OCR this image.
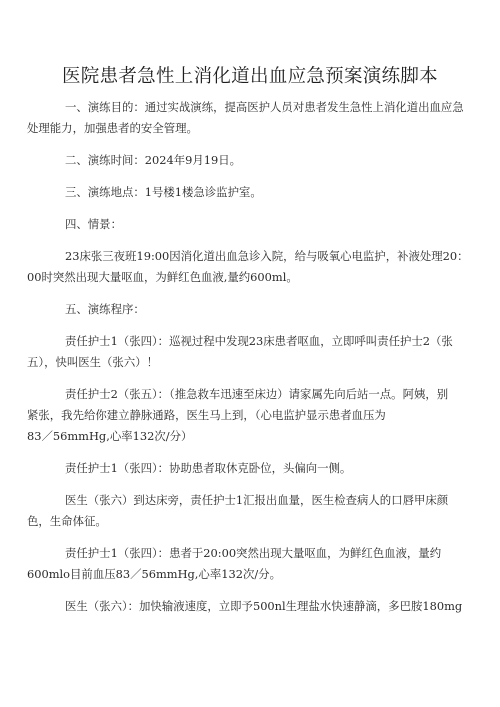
医院患者急性上消化道出血应急预案演练脚本

一、演练目的：通过实战演练，提高医护人员对患者发生急性上消化道出血应急
处理能力，加强患者的安全管理。

二、演练时间：2024年9月19日。

三、演练地点：1号楼1楼急诊监护室。

四、情景：

23床张三夜班19:00因消化道出血急诊入院，给与吸氧心电监护，补液处理20：
00时突然出现大量呕血，为鲜红色血液,量约600ml。

五、演练程序：

责任护士1（张四）：巡视过程中发现23床患者呕血，立即呼叫责任护士2（张
五），快叫医生（张六）！

责任护士2（张五）：（推急救车迅速至床边）请家属先向后站一点。阿姨，别
紧张，我先给你建立静脉通路，医生马上到，（心电监护显示患者血压为
83／56mmHg,心率132次/分）

责任护士1（张四）：协助患者取休克卧位，头偏向一侧。

医生（张六）到达床旁，责任护士1汇报出血量，医生检查病人的口唇甲床颜
色，生命体征。

责任护士1（张四）：患者于20:00突然出现大量呕血，为鲜红色血液，量约
600mlo目前血压83／56mmHg,心率132次/分。

医生（张六）：加快输液速度，立即予500nl生理盐水快速静滴，多巴胺180mg
